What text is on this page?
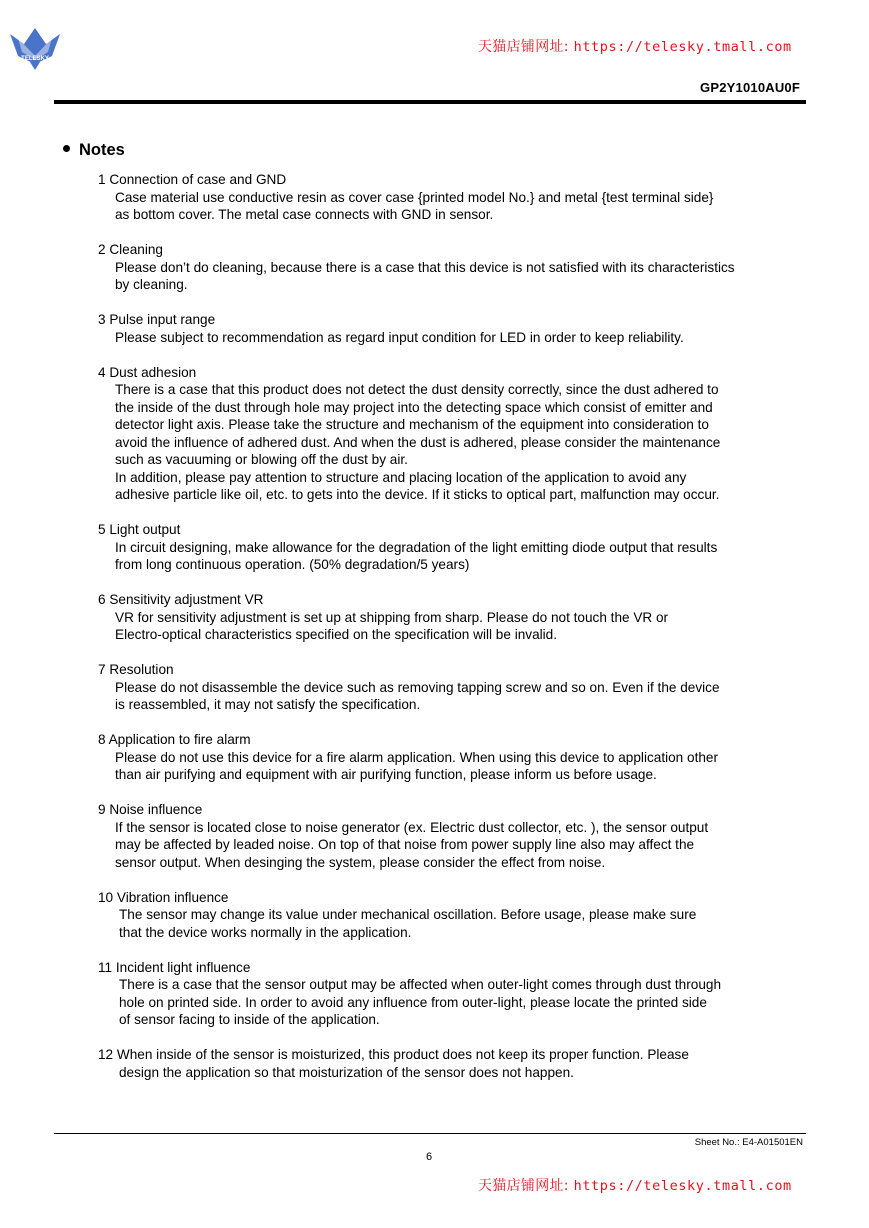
TELESKY
天猫店铺网址: https://telesky.tmall.com
GP2Y1010AU0F
Notes
1 Connection of case and GND
Case material use conductive resin as cover case {printed model No.} and metal {test terminal side}
as bottom cover. The metal case connects with GND in sensor.
2 Cleaning
Please don’t do cleaning, because there is a case that this device is not satisfied with its characteristics
by cleaning.
3 Pulse input range
Please subject to recommendation as regard input condition for LED in order to keep reliability.
4 Dust adhesion
There is a case that this product does not detect the dust density correctly, since the dust adhered to
the inside of the dust through hole may project into the detecting space which consist of emitter and
detector light axis. Please take the structure and mechanism of the equipment into consideration to
avoid the influence of adhered dust. And when the dust is adhered, please consider the maintenance
such as vacuuming or blowing off the dust by air.
In addition, please pay attention to structure and placing location of the application to avoid any
adhesive particle like oil, etc. to gets into the device. If it sticks to optical part, malfunction may occur.
5 Light output
In circuit designing, make allowance for the degradation of the light emitting diode output that results
from long continuous operation. (50% degradation/5 years)
6 Sensitivity adjustment VR
VR for sensitivity adjustment is set up at shipping from sharp. Please do not touch the VR or
Electro-optical characteristics specified on the specification will be invalid.
7 Resolution
Please do not disassemble the device such as removing tapping screw and so on. Even if the device
is reassembled, it may not satisfy the specification.
8 Application to fire alarm
Please do not use this device for a fire alarm application. When using this device to application other
than air purifying and equipment with air purifying function, please inform us before usage.
9 Noise influence
If the sensor is located close to noise generator (ex. Electric dust collector, etc. ), the sensor output
may be affected by leaded noise. On top of that noise from power supply line also may affect the
sensor output. When desinging the system, please consider the effect from noise.
10 Vibration influence
The sensor may change its value under mechanical oscillation. Before usage, please make sure
that the device works normally in the application.
11 Incident light influence
There is a case that the sensor output may be affected when outer-light comes through dust through
hole on printed side. In order to avoid any influence from outer-light, please locate the printed side
of sensor facing to inside of the application.
12 When inside of the sensor is moisturized, this product does not keep its proper function. Please
design the application so that moisturization of the sensor does not happen.
Sheet No.: E4-A01501EN
6
天猫店铺网址: https://telesky.tmall.com
